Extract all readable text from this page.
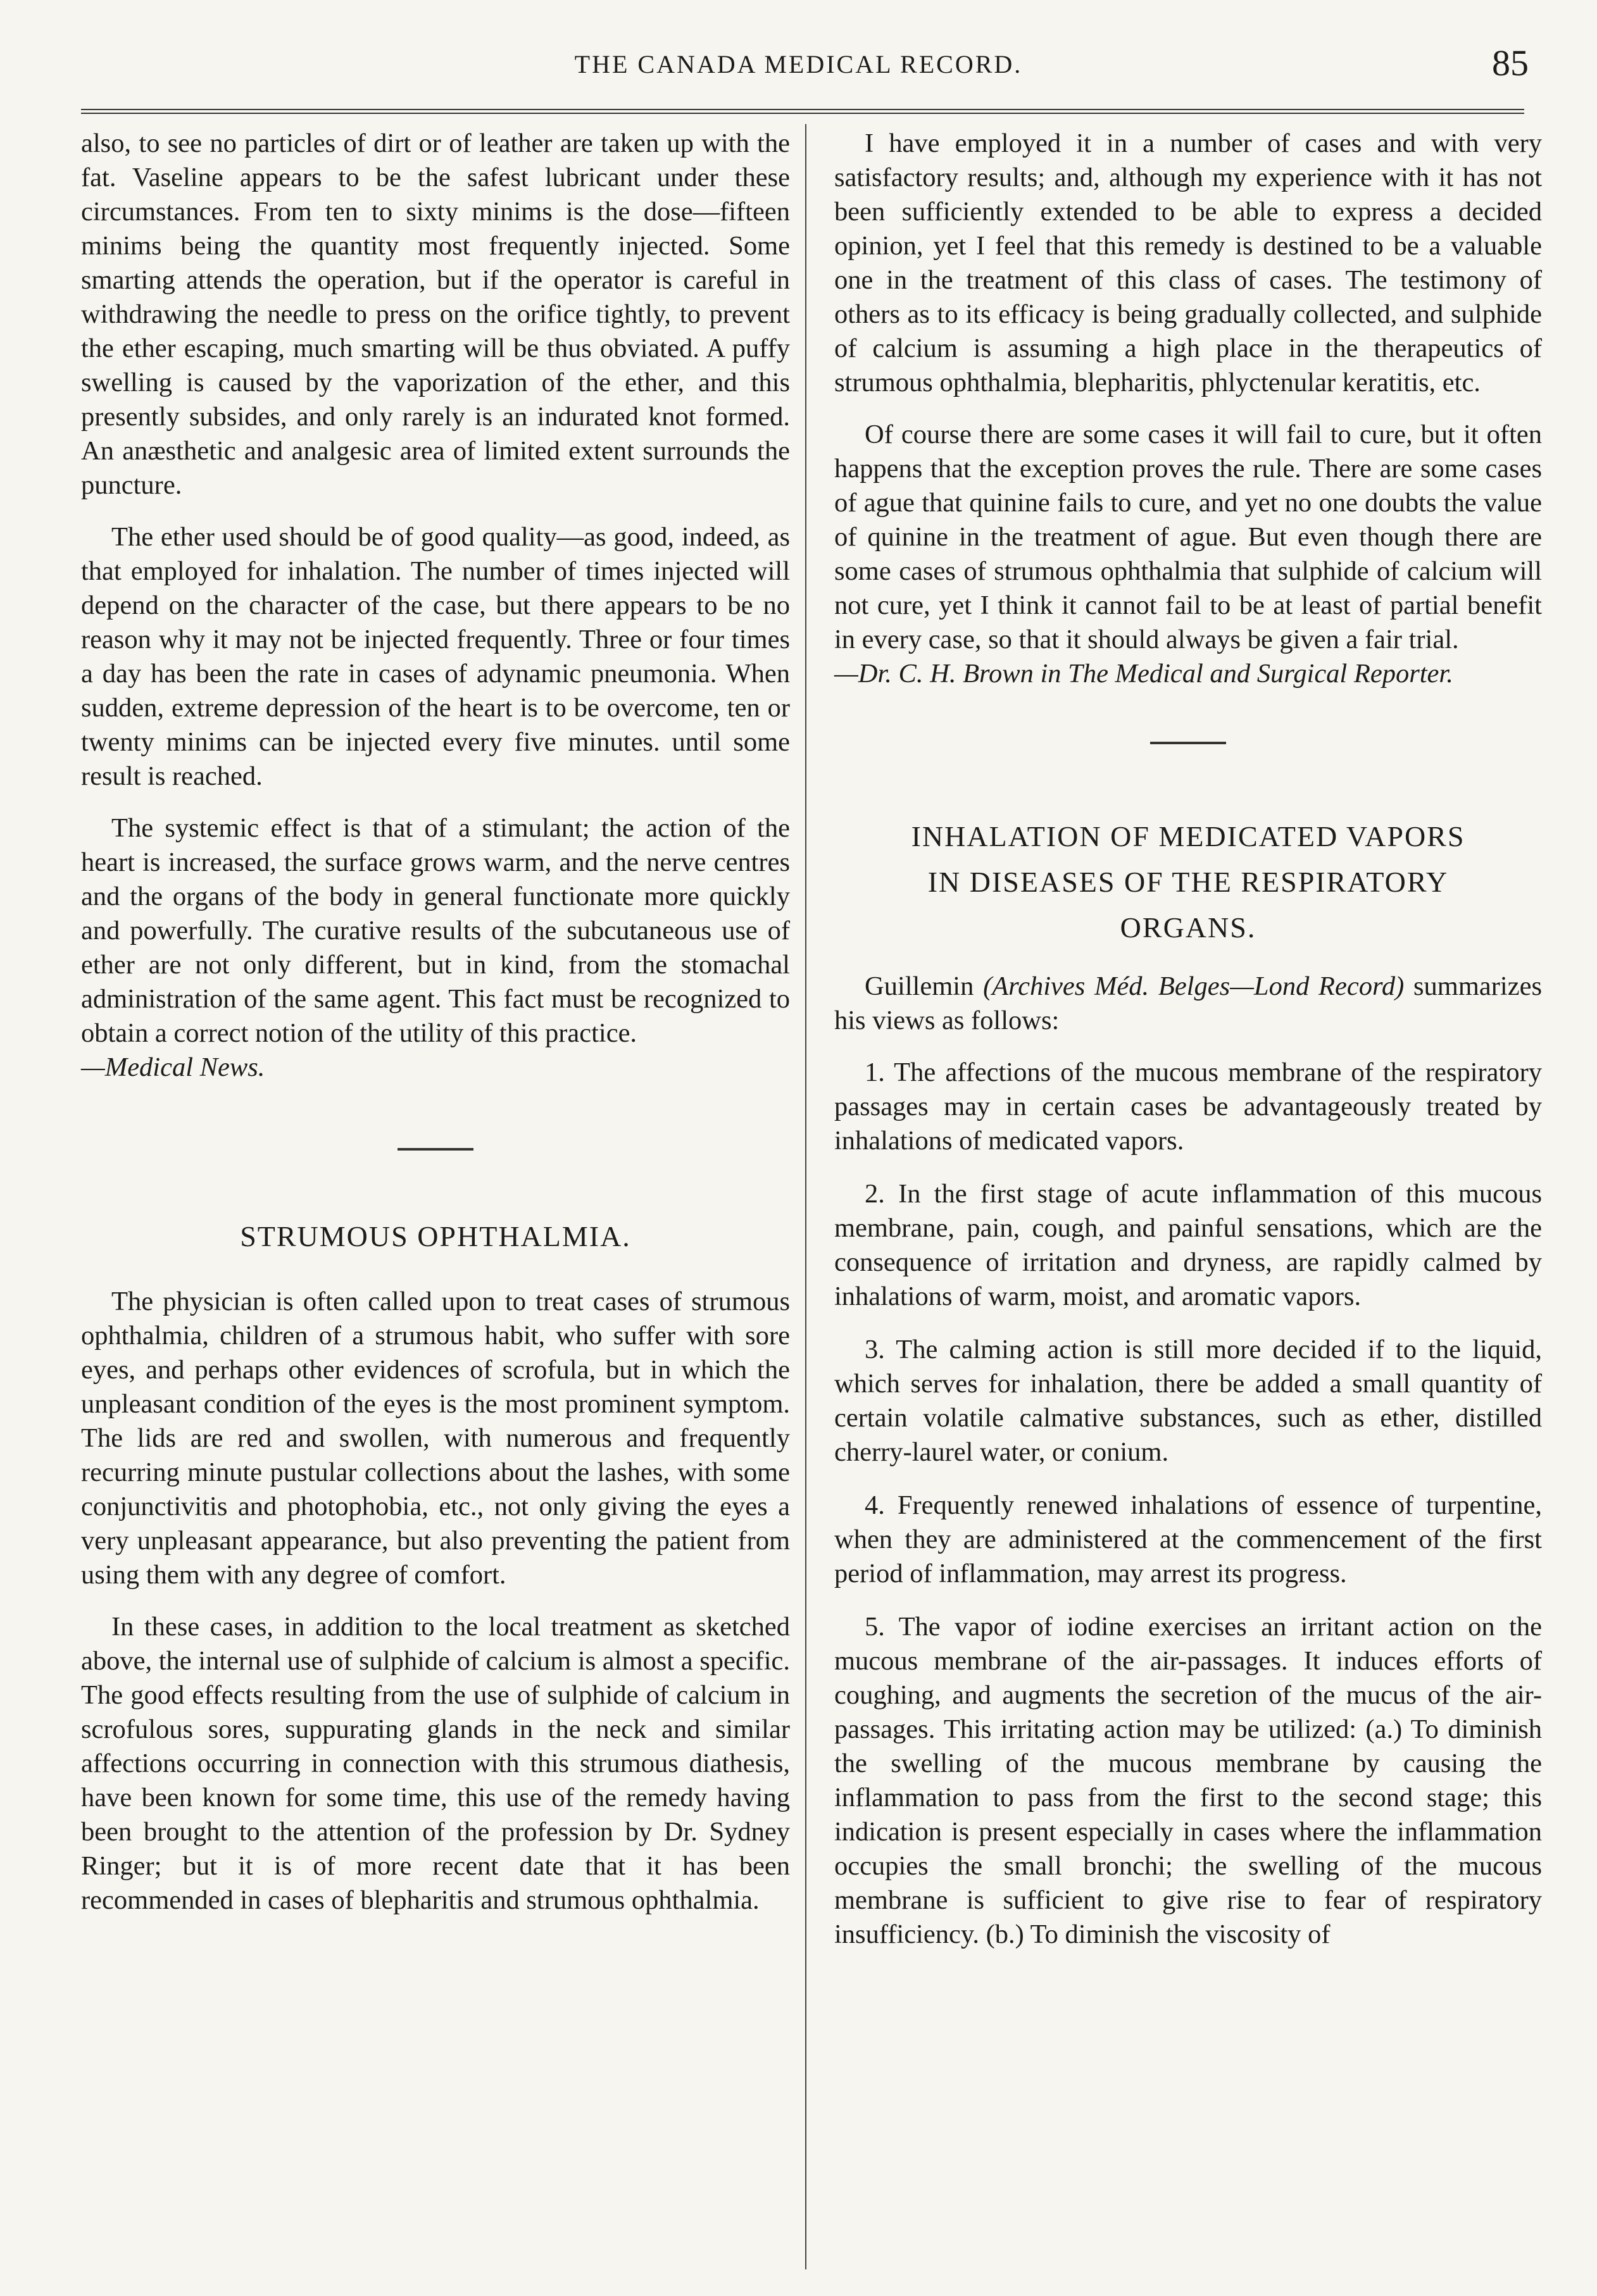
THE CANADA MEDICAL RECORD.	85

also, to see no particles of dirt or of leather are taken up with the fat. Vaseline appears to be the safest lubricant under these circumstances. From ten to sixty minims is the dose—fifteen minims being the quantity most frequently injected. Some smarting attends the operation, but if the operator is careful in withdrawing the needle to press on the orifice tightly, to prevent the ether escaping, much smarting will be thus obviated. A puffy swelling is caused by the vaporization of the ether, and this presently subsides, and only rarely is an indurated knot formed. An anæsthetic and analgesic area of limited extent surrounds the puncture.

The ether used should be of good quality—as good, indeed, as that employed for inhalation. The number of times injected will depend on the character of the case, but there appears to be no reason why it may not be injected frequently. Three or four times a day has been the rate in cases of adynamic pneumonia. When sudden, extreme depression of the heart is to be overcome, ten or twenty minims can be injected every five minutes. until some result is reached.

The systemic effect is that of a stimulant; the action of the heart is increased, the surface grows warm, and the nerve centres and the organs of the body in general functionate more quickly and powerfully. The curative results of the subcutaneous use of ether are not only different, but in kind, from the stomachal administration of the same agent. This fact must be recognized to obtain a correct notion of the utility of this practice.

—Medical News.

STRUMOUS OPHTHALMIA.

The physician is often called upon to treat cases of strumous ophthalmia, children of a strumous habit, who suffer with sore eyes, and perhaps other evidences of scrofula, but in which the unpleasant condition of the eyes is the most prominent symptom. The lids are red and swollen, with numerous and frequently recurring minute pustular collections about the lashes, with some conjunctivitis and photophobia, etc., not only giving the eyes a very unpleasant appearance, but also preventing the patient from using them with any degree of comfort.

In these cases, in addition to the local treatment as sketched above, the internal use of sulphide of calcium is almost a specific. The good effects resulting from the use of sulphide of calcium in scrofulous sores, suppurating glands in the neck and similar affections occurring in connection with this strumous diathesis, have been known for some time, this use of the remedy having been brought to the attention of the profession by Dr. Sydney Ringer; but it is of more recent date that it has been recommended in cases of blepharitis and strumous ophthalmia.

I have employed it in a number of cases and with very satisfactory results; and, although my experience with it has not been sufficiently extended to be able to express a decided opinion, yet I feel that this remedy is destined to be a valuable one in the treatment of this class of cases. The testimony of others as to its efficacy is being gradually collected, and sulphide of calcium is assuming a high place in the therapeutics of strumous ophthalmia, blepharitis, phlyctenular keratitis, etc.

Of course there are some cases it will fail to cure, but it often happens that the exception proves the rule. There are some cases of ague that quinine fails to cure, and yet no one doubts the value of quinine in the treatment of ague. But even though there are some cases of strumous ophthalmia that sulphide of calcium will not cure, yet I think it cannot fail to be at least of partial benefit in every case, so that it should always be given a fair trial.

—Dr. C. H. Brown in The Medical and Surgical Reporter.

INHALATION OF MEDICATED VAPORS
IN DISEASES OF THE RESPIRATORY
ORGANS.

Guillemin (Archives Méd. Belges—Lond Record) summarizes his views as follows:

1. The affections of the mucous membrane of the respiratory passages may in certain cases be advantageously treated by inhalations of medicated vapors.

2. In the first stage of acute inflammation of this mucous membrane, pain, cough, and painful sensations, which are the consequence of irritation and dryness, are rapidly calmed by inhalations of warm, moist, and aromatic vapors.

3. The calming action is still more decided if to the liquid, which serves for inhalation, there be added a small quantity of certain volatile calmative substances, such as ether, distilled cherry-laurel water, or conium.

4. Frequently renewed inhalations of essence of turpentine, when they are administered at the commencement of the first period of inflammation, may arrest its progress.

5. The vapor of iodine exercises an irritant action on the mucous membrane of the air-passages. It induces efforts of coughing, and augments the secretion of the mucus of the air-passages. This irritating action may be utilized: (a.) To diminish the swelling of the mucous membrane by causing the inflammation to pass from the first to the second stage; this indication is present especially in cases where the inflammation occupies the small bronchi; the swelling of the mucous membrane is sufficient to give rise to fear of respiratory insufficiency. (b.) To diminish the viscosity of
